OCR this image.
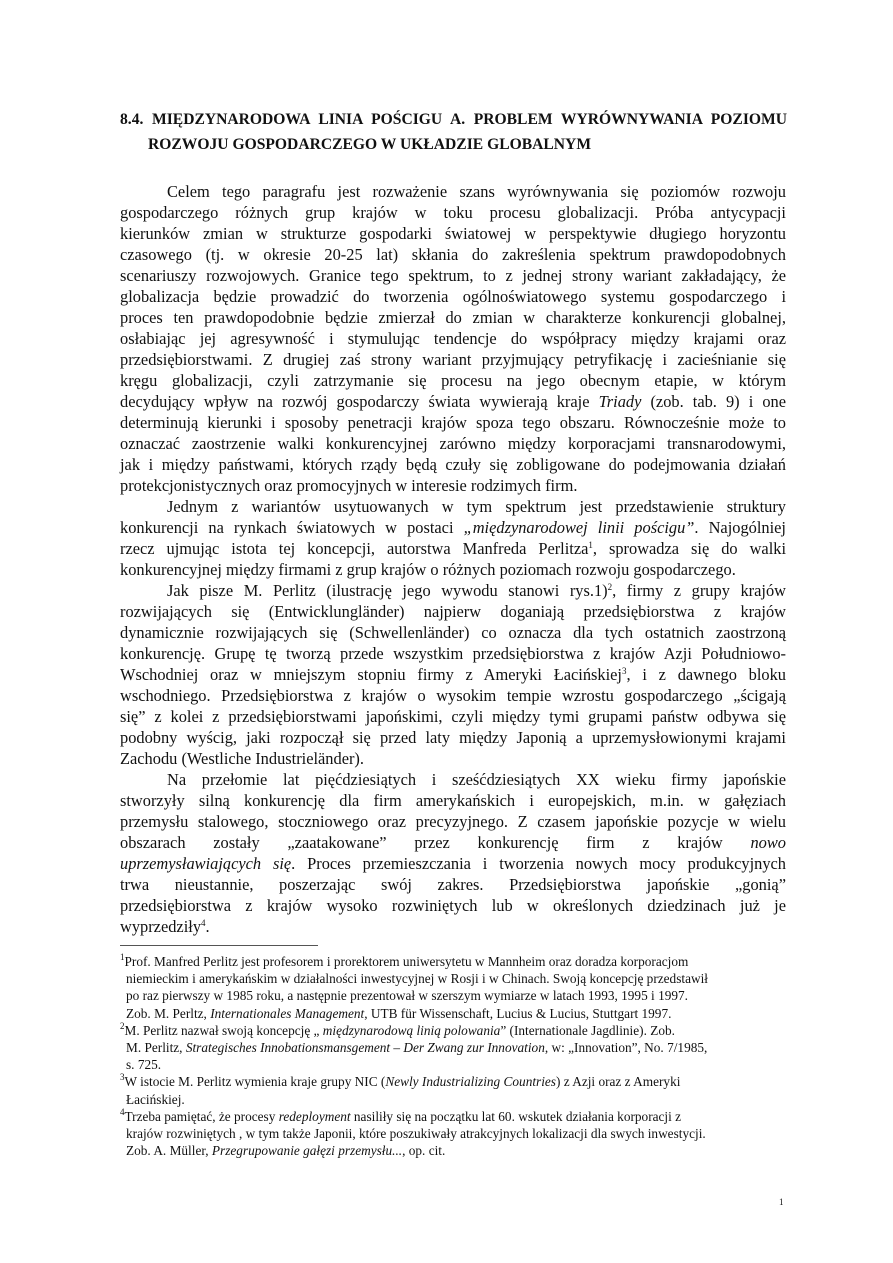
8.4. MIĘDZYNARODOWA LINIA POŚCIGU A. PROBLEM WYRÓWNYWANIA POZIOMU
ROZWOJU GOSPODARCZEGO W UKŁADZIE GLOBALNYM
Celem tego paragrafu jest rozważenie szans wyrównywania się poziomów rozwoju
gospodarczego różnych grup krajów w toku procesu globalizacji. Próba antycypacji
kierunków zmian w strukturze gospodarki światowej w perspektywie długiego horyzontu
czasowego (tj. w okresie 20-25 lat) skłania do zakreślenia spektrum prawdopodobnych
scenariuszy rozwojowych. Granice tego spektrum, to z jednej strony wariant zakładający, że
globalizacja będzie prowadzić do tworzenia ogólnoświatowego systemu gospodarczego i
proces ten prawdopodobnie będzie zmierzał do zmian w charakterze konkurencji globalnej,
osłabiając jej agresywność i stymulując tendencje do współpracy między krajami oraz
przedsiębiorstwami. Z drugiej zaś strony wariant przyjmujący petryfikację i zacieśnianie się
kręgu globalizacji, czyli zatrzymanie się procesu na jego obecnym etapie, w którym
decydujący wpływ na rozwój gospodarczy świata wywierają kraje Triady (zob. tab. 9) i one
determinują kierunki i sposoby penetracji krajów spoza tego obszaru. Równocześnie może to
oznaczać zaostrzenie walki konkurencyjnej zarówno między korporacjami transnarodowymi,
jak i między państwami, których rządy będą czuły się zobligowane do podejmowania działań
protekcjonistycznych oraz promocyjnych w interesie rodzimych firm.
Jednym z wariantów usytuowanych w tym spektrum jest przedstawienie struktury
konkurencji na rynkach światowych w postaci „międzynarodowej linii pościgu”. Najogólniej
rzecz ujmując istota tej koncepcji, autorstwa Manfreda Perlitza$^1$, sprowadza się do walki
konkurencyjnej między firmami z grup krajów o różnych poziomach rozwoju gospodarczego.
Jak pisze M. Perlitz (ilustrację jego wywodu stanowi rys.1)$^2$, firmy z grupy krajów
rozwijających się (Entwicklungländer) najpierw doganiają przedsiębiorstwa z krajów
dynamicznie rozwijających się (Schwellenländer) co oznacza dla tych ostatnich zaostrzoną
konkurencję. Grupę tę tworzą przede wszystkim przedsiębiorstwa z krajów Azji Południowo-
Wschodniej oraz w mniejszym stopniu firmy z Ameryki Łacińskiej$^3$, i z dawnego bloku
wschodniego. Przedsiębiorstwa z krajów o wysokim tempie wzrostu gospodarczego „ścigają
się” z kolei z przedsiębiorstwami japońskimi, czyli między tymi grupami państw odbywa się
podobny wyścig, jaki rozpoczął się przed laty między Japonią a uprzemysłowionymi krajami
Zachodu (Westliche Industrieländer).
Na przełomie lat pięćdziesiątych i sześćdziesiątych XX wieku firmy japońskie
stworzyły silną konkurencję dla firm amerykańskich i europejskich, m.in. w gałęziach
przemysłu stalowego, stoczniowego oraz precyzyjnego. Z czasem japońskie pozycje w wielu
obszarach zostały „zaatakowane” przez konkurencję firm z krajów nowo
uprzemysławiających się. Proces przemieszczania i tworzenia nowych mocy produkcyjnych
trwa nieustannie, poszerzając swój zakres. Przedsiębiorstwa japońskie „gonią”
przedsiębiorstwa z krajów wysoko rozwiniętych lub w określonych dziedzinach już je
wyprzedziły$^4$.
$^1$Prof. Manfred Perlitz jest profesorem i prorektorem uniwersytetu w Mannheim oraz doradza korporacjom
niemieckim i amerykańskim w działalności inwestycyjnej w Rosji i w Chinach. Swoją koncepcję przedstawił
po raz pierwszy w 1985 roku, a następnie prezentował w szerszym wymiarze w latach 1993, 1995 i 1997.
Zob. M. Perltz, Internationales Management, UTB für Wissenschaft, Lucius & Lucius, Stuttgart 1997.
$^2$M. Perlitz nazwał swoją koncepcję „ międzynarodową linią polowania” (Internationale Jagdlinie). Zob.
M. Perlitz, Strategisches Innobationsmansgement – Der Zwang zur Innovation, w: „Innovation”, No. 7/1985,
s. 725.
$^3$W istocie M. Perlitz wymienia kraje grupy NIC (Newly Industrializing Countries) z Azji oraz z Ameryki
Łacińskiej.
$^4$Trzeba pamiętać, że procesy redeployment nasiliły się na początku lat 60. wskutek działania korporacji z
krajów rozwiniętych , w tym także Japonii, które poszukiwały atrakcyjnych lokalizacji dla swych inwestycji.
Zob. A. Müller, Przegrupowanie gałęzi przemysłu..., op. cit.
1
